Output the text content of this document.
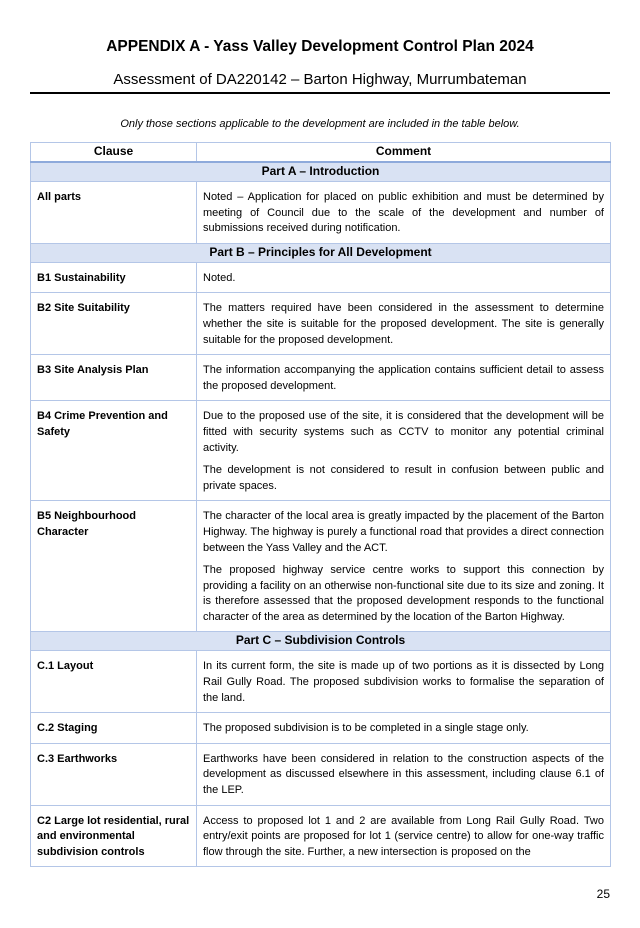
APPENDIX A - Yass Valley Development Control Plan 2024
Assessment of DA220142 – Barton Highway, Murrumbateman
Only those sections applicable to the development are included in the table below.
Clause	Comment
Part A – Introduction	
All parts	Noted – Application for placed on public exhibition and must be determined by meeting of Council due to the scale of the development and number of submissions received during notification.

Part B – Principles for All Development	
B1 Sustainability	Noted.

B2 Site Suitability	The matters required have been considered in the assessment to determine whether the site is suitable for the proposed development. The site is generally suitable for the proposed development.

B3 Site Analysis Plan	The information accompanying the application contains sufficient detail to assess the proposed development.

B4 Crime Prevention and Safety	Due to the proposed use of the site, it is considered that the development will be fitted with security systems such as CCTV to monitor any potential criminal activity.

The development is not considered to result in confusion between public and private spaces.

B5 Neighbourhood Character	The character of the local area is greatly impacted by the placement of the Barton Highway. The highway is purely a functional road that provides a direct connection between the Yass Valley and the ACT.

The proposed highway service centre works to support this connection by providing a facility on an otherwise non-functional site due to its size and zoning. It is therefore assessed that the proposed development responds to the functional character of the area as determined by the location of the Barton Highway.

Part C – Subdivision Controls	
C.1 Layout	In its current form, the site is made up of two portions as it is dissected by Long Rail Gully Road. The proposed subdivision works to formalise the separation of the land.

C.2 Staging	The proposed subdivision is to be completed in a single stage only.

C.3 Earthworks	Earthworks have been considered in relation to the construction aspects of the development as discussed elsewhere in this assessment, including clause 6.1 of the LEP.

C2 Large lot residential, rural and environmental subdivision controls	Access to proposed lot 1 and 2 are available from Long Rail Gully Road. Two entry/exit points are proposed for lot 1 (service centre) to allow for one-way traffic flow through the site. Further, a new intersection is proposed on the

25
